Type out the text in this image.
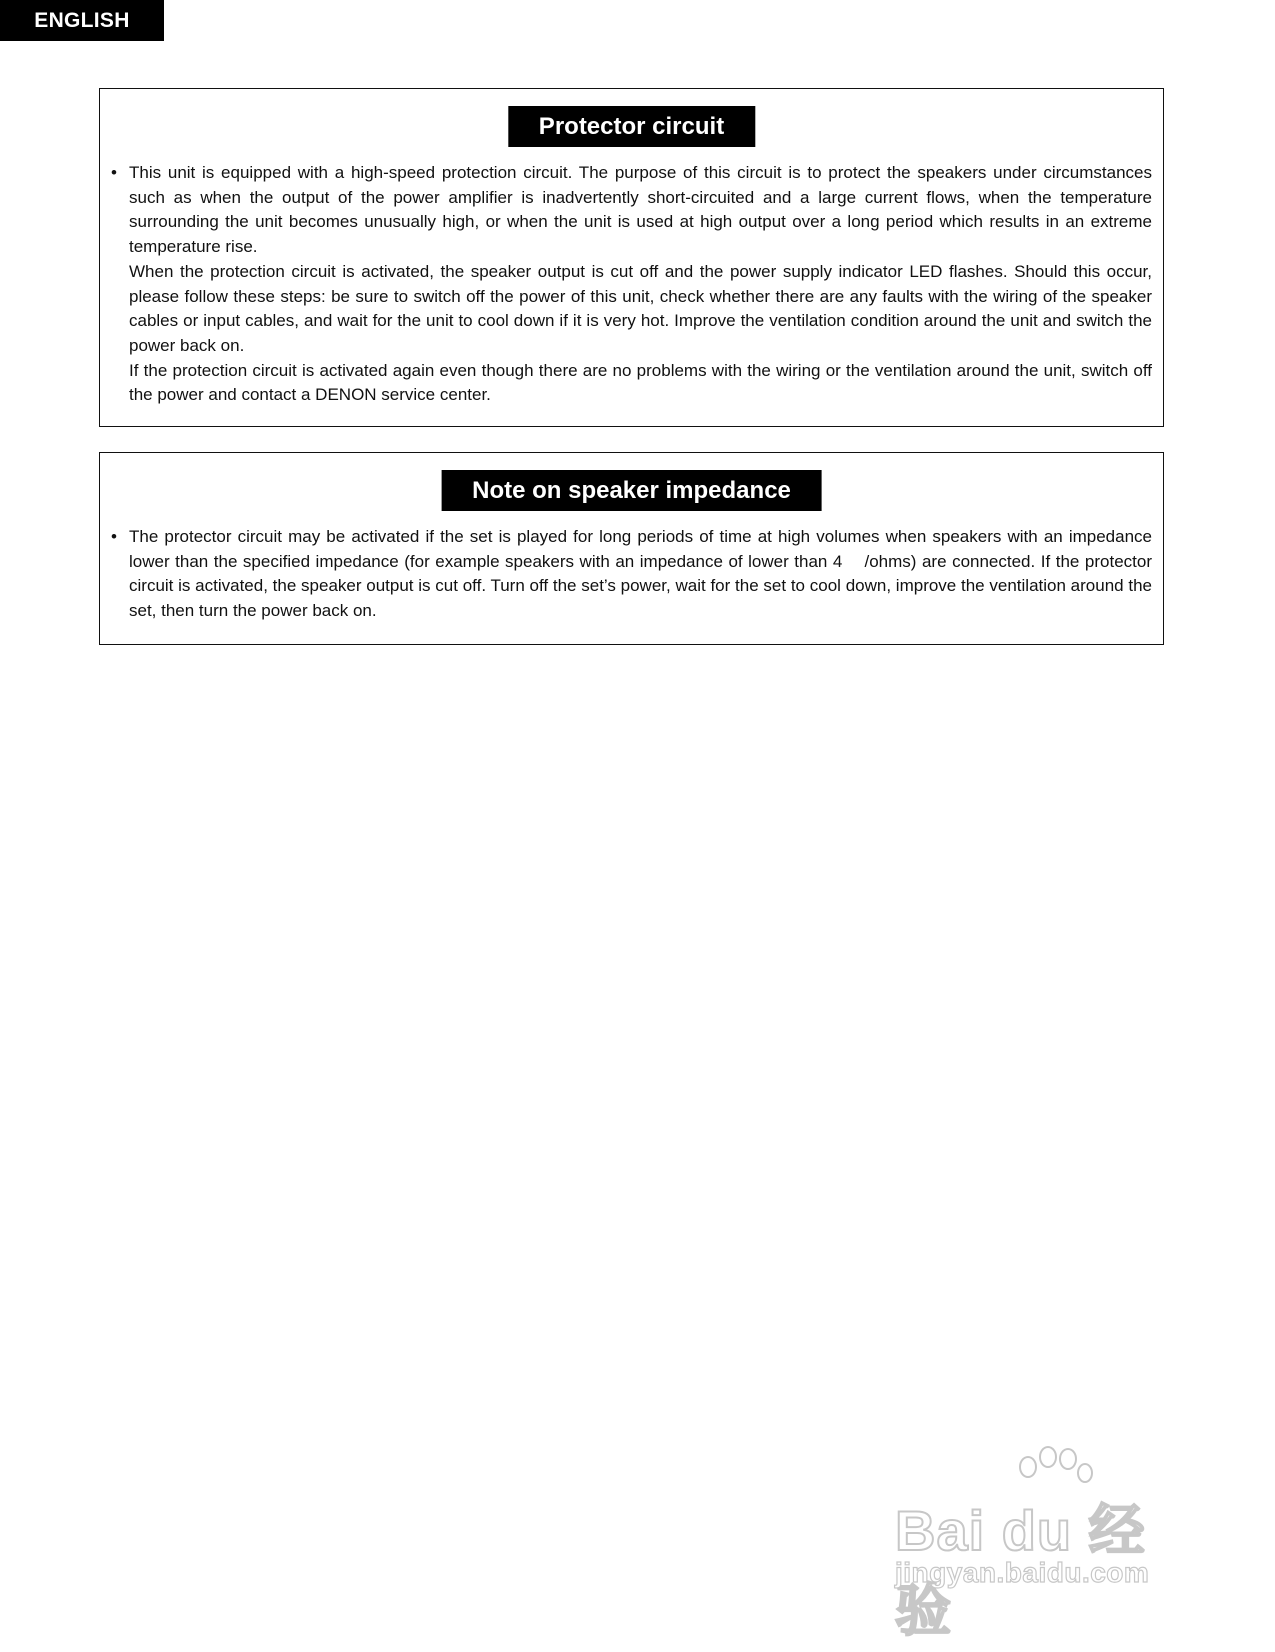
ENGLISH
Protector circuit
• This unit is equipped with a high-speed protection circuit. The purpose of this circuit is to protect the speakers under circumstances such as when the output of the power amplifier is inadvertently short-circuited and a large current flows, when the temperature surrounding the unit becomes unusually high, or when the unit is used at high output over a long period which results in an extreme temperature rise.

When the protection circuit is activated, the speaker output is cut off and the power supply indicator LED flashes. Should this occur, please follow these steps: be sure to switch off the power of this unit, check whether there are any faults with the wiring of the speaker cables or input cables, and wait for the unit to cool down if it is very hot. Improve the ventilation condition around the unit and switch the power back on.

If the protection circuit is activated again even though there are no problems with the wiring or the ventilation around the unit, switch off the power and contact a DENON service center.

Note on speaker impedance
• The protector circuit may be activated if the set is played for long periods of time at high volumes when speakers with an impedance lower than the specified impedance (for example speakers with an impedance of lower than 4    /ohms) are connected. If the protector circuit is activated, the speaker output is cut off. Turn off the set’s power, wait for the set to cool down, improve the ventilation around the set, then turn the power back on.

Bai du 经验
jingyan.baidu.com
